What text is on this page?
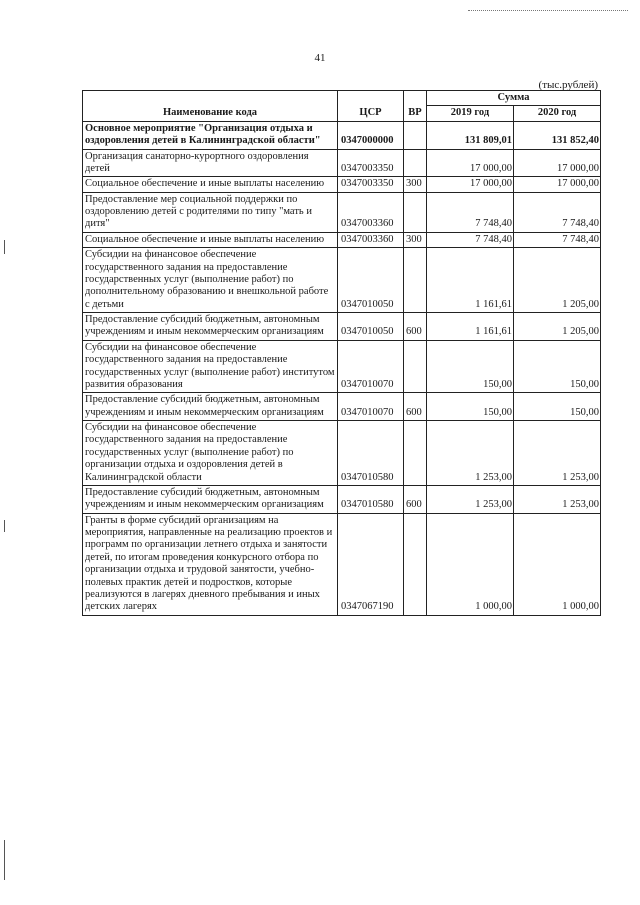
41
(тыс.рублей)
Наименование кода	ЦСР	ВР	Сумма	
			2019 год	2020 год
Основное мероприятие "Организация отдыха и оздоровления детей в Калининградской области"	0347000000		131 809,01	131 852,40
Организация санаторно-курортного оздоровления детей	0347003350		17 000,00	17 000,00
Социальное обеспечение и иные выплаты населению	0347003350	300	17 000,00	17 000,00
Предоставление мер социальной поддержки по оздоровлению детей с родителями по типу "мать и дитя"	0347003360		7 748,40	7 748,40
Социальное обеспечение и иные выплаты населению	0347003360	300	7 748,40	7 748,40
Субсидии на финансовое обеспечение государственного задания на предоставление государственных услуг (выполнение работ) по дополнительному образованию и внешкольной работе с детьми	0347010050		1 161,61	1 205,00
Предоставление субсидий бюджетным, автономным учреждениям и иным некоммерческим организациям	0347010050	600	1 161,61	1 205,00
Субсидии на финансовое обеспечение государственного задания на предоставление государственных услуг (выполнение работ) институтом развития образования	0347010070		150,00	150,00
Предоставление субсидий бюджетным, автономным учреждениям и иным некоммерческим организациям	0347010070	600	150,00	150,00
Субсидии на финансовое обеспечение государственного задания на предоставление государственных услуг (выполнение работ) по организации отдыха и оздоровления детей в Калининградской области	0347010580		1 253,00	1 253,00
Предоставление субсидий бюджетным, автономным учреждениям и иным некоммерческим организациям	0347010580	600	1 253,00	1 253,00
Гранты в форме субсидий организациям на мероприятия, направленные на реализацию проектов и программ по организации летнего отдыха и занятости детей, по итогам проведения конкурсного отбора по организации отдыха и трудовой занятости, учебно-полевых практик детей и подростков, которые реализуются в лагерях дневного пребывания и иных детских лагерях	0347067190		1 000,00	1 000,00
